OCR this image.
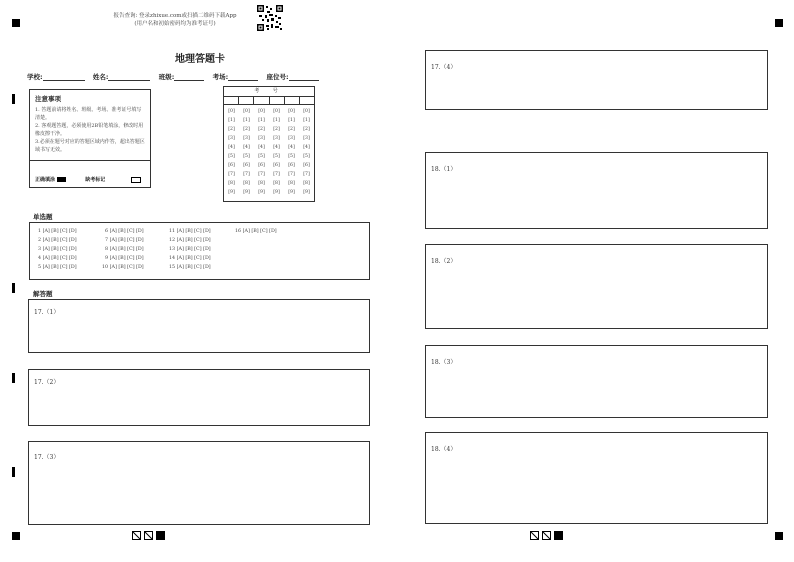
报告查询: 登录zhixue.com或扫描二维码下载App
(用户名和初始密码均为准考证号)
地理答题卡
学校:	姓名:	班级:	考场:	座位号:
注意事项
1. 答题前请将姓名、班级、考场、准考证号填写清楚。
2. 客观题答题，必须使用2B铅笔填涂，修改时用橡皮擦干净。
3.必须在题号对应的答题区域内作答，超出答题区域书写无效。
正确填涂	缺考标记
考 号
[0]	[0]	[0]	[0]	[0]	[0]
[1]	[1]	[1]	[1]	[1]	[1]
[2]	[2]	[2]	[2]	[2]	[2]
[3]	[3]	[3]	[3]	[3]	[3]
[4]	[4]	[4]	[4]	[4]	[4]
[5]	[5]	[5]	[5]	[5]	[5]
[6]	[6]	[6]	[6]	[6]	[6]
[7]	[7]	[7]	[7]	[7]	[7]
[8]	[8]	[8]	[8]	[8]	[8]
[9]	[9]	[9]	[9]	[9]	[9]
单选题
1 [A] [B] [C] [D]
2 [A] [B] [C] [D]
3 [A] [B] [C] [D]
4 [A] [B] [C] [D]
5 [A] [B] [C] [D]
6 [A] [B] [C] [D]
7 [A] [B] [C] [D]
8 [A] [B] [C] [D]
9 [A] [B] [C] [D]
10 [A] [B] [C] [D]
11 [A] [B] [C] [D]
12 [A] [B] [C] [D]
13 [A] [B] [C] [D]
14 [A] [B] [C] [D]
15 [A] [B] [C] [D]
16 [A] [B] [C] [D]
解答题
17.（1）
17.（2）
17.（3）
17.（4）
18.（1）
18.（2）
18.（3）
18.（4）
